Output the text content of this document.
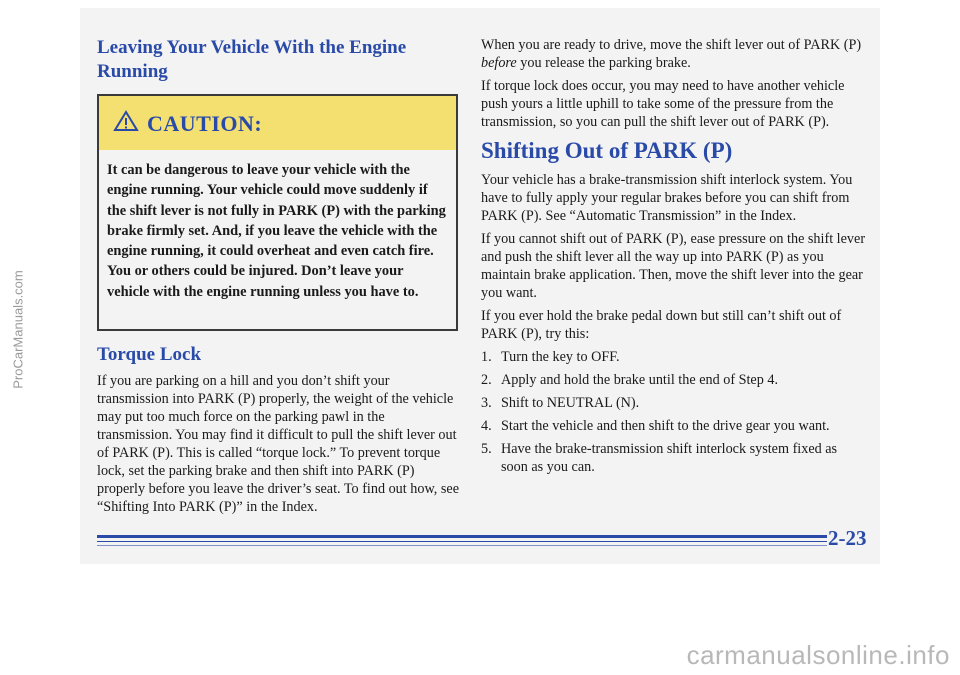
Leaving Your Vehicle With the Engine Running
CAUTION:
It can be dangerous to leave your vehicle with the engine running. Your vehicle could move suddenly if the shift lever is not fully in PARK (P) with the parking brake firmly set. And, if you leave the vehicle with the engine running, it could overheat and even catch fire. You or others could be injured. Don’t leave your vehicle with the engine running unless you have to.
Torque Lock

If you are parking on a hill and you don’t shift your transmission into PARK (P) properly, the weight of the vehicle may put too much force on the parking pawl in the transmission. You may find it difficult to pull the shift lever out of PARK (P). This is called “torque lock.” To prevent torque lock, set the parking brake and then shift into PARK (P) properly before you leave the driver’s seat. To find out how, see “Shifting Into PARK (P)” in the Index.

When you are ready to drive, move the shift lever out of PARK (P) before you release the parking brake.

If torque lock does occur, you may need to have another vehicle push yours a little uphill to take some of the pressure from the transmission, so you can pull the shift lever out of PARK (P).

Shifting Out of PARK (P)

Your vehicle has a brake-transmission shift interlock system. You have to fully apply your regular brakes before you can shift from PARK (P). See “Automatic Transmission” in the Index.

If you cannot shift out of PARK (P), ease pressure on the shift lever and push the shift lever all the way up into PARK (P) as you maintain brake application. Then, move the shift lever into the gear you want.

If you ever hold the brake pedal down but still can’t shift out of PARK (P), try this:

1. Turn the key to OFF.
2. Apply and hold the brake until the end of Step 4.
3. Shift to NEUTRAL (N).
4. Start the vehicle and then shift to the drive gear you want.
5. Have the brake-transmission shift interlock system fixed as soon as you can.
2-23
ProCarManuals.com
carmanualsonline.info
